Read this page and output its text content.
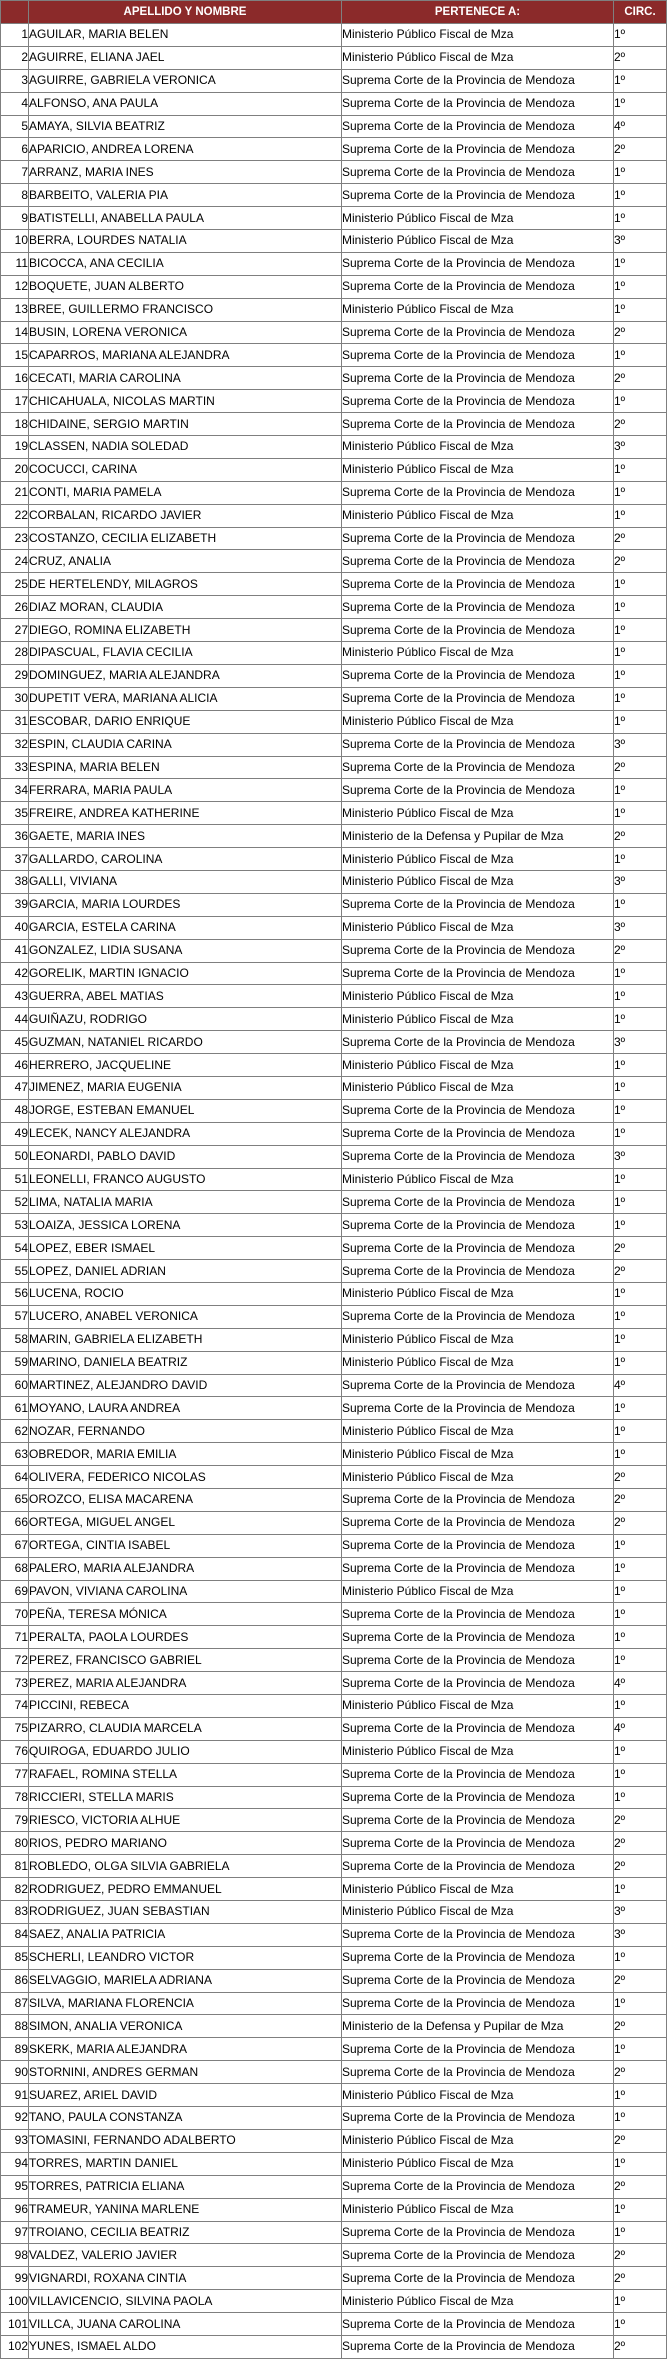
	APELLIDO Y NOMBRE	PERTENECE A:	CIRC.
1	AGUILAR, MARIA BELEN	Ministerio Público Fiscal de Mza	1º
2	AGUIRRE, ELIANA JAEL	Ministerio Público Fiscal de Mza	2º
3	AGUIRRE, GABRIELA VERONICA	Suprema Corte de la Provincia de Mendoza	1º
4	ALFONSO, ANA PAULA	Suprema Corte de la Provincia de Mendoza	1º
5	AMAYA, SILVIA BEATRIZ	Suprema Corte de la Provincia de Mendoza	4º
6	APARICIO, ANDREA LORENA	Suprema Corte de la Provincia de Mendoza	2º
7	ARRANZ, MARIA INES	Suprema Corte de la Provincia de Mendoza	1º
8	BARBEITO, VALERIA PIA	Suprema Corte de la Provincia de Mendoza	1º
9	BATISTELLI, ANABELLA PAULA	Ministerio Público Fiscal de Mza	1º
10	BERRA, LOURDES NATALIA	Ministerio Público Fiscal de Mza	3º
11	BICOCCA, ANA CECILIA	Suprema Corte de la Provincia de Mendoza	1º
12	BOQUETE, JUAN ALBERTO	Suprema Corte de la Provincia de Mendoza	1º
13	BREE, GUILLERMO FRANCISCO	Ministerio Público Fiscal de Mza	1º
14	BUSIN, LORENA VERONICA	Suprema Corte de la Provincia de Mendoza	2º
15	CAPARROS, MARIANA ALEJANDRA	Suprema Corte de la Provincia de Mendoza	1º
16	CECATI, MARIA CAROLINA	Suprema Corte de la Provincia de Mendoza	2º
17	CHICAHUALA, NICOLAS MARTIN	Suprema Corte de la Provincia de Mendoza	1º
18	CHIDAINE, SERGIO MARTIN	Suprema Corte de la Provincia de Mendoza	2º
19	CLASSEN, NADIA SOLEDAD	Ministerio Público Fiscal de Mza	3º
20	COCUCCI, CARINA	Ministerio Público Fiscal de Mza	1º
21	CONTI, MARIA PAMELA	Suprema Corte de la Provincia de Mendoza	1º
22	CORBALAN, RICARDO JAVIER	Ministerio Público Fiscal de Mza	1º
23	COSTANZO, CECILIA ELIZABETH	Suprema Corte de la Provincia de Mendoza	2º
24	CRUZ, ANALIA	Suprema Corte de la Provincia de Mendoza	2º
25	DE HERTELENDY, MILAGROS	Suprema Corte de la Provincia de Mendoza	1º
26	DIAZ MORAN, CLAUDIA	Suprema Corte de la Provincia de Mendoza	1º
27	DIEGO, ROMINA ELIZABETH	Suprema Corte de la Provincia de Mendoza	1º
28	DIPASCUAL, FLAVIA CECILIA	Ministerio Público Fiscal de Mza	1º
29	DOMINGUEZ, MARIA ALEJANDRA	Suprema Corte de la Provincia de Mendoza	1º
30	DUPETIT VERA, MARIANA ALICIA	Suprema Corte de la Provincia de Mendoza	1º
31	ESCOBAR, DARIO ENRIQUE	Ministerio Público Fiscal de Mza	1º
32	ESPIN, CLAUDIA CARINA	Suprema Corte de la Provincia de Mendoza	3º
33	ESPINA, MARIA BELEN	Suprema Corte de la Provincia de Mendoza	2º
34	FERRARA, MARIA PAULA	Suprema Corte de la Provincia de Mendoza	1º
35	FREIRE, ANDREA KATHERINE	Ministerio Público Fiscal de Mza	1º
36	GAETE, MARIA INES	Ministerio de la Defensa y Pupilar de Mza	2º
37	GALLARDO, CAROLINA	Ministerio Público Fiscal de Mza	1º
38	GALLI, VIVIANA	Ministerio Público Fiscal de Mza	3º
39	GARCIA, MARIA LOURDES	Suprema Corte de la Provincia de Mendoza	1º
40	GARCIA, ESTELA CARINA	Ministerio Público Fiscal de Mza	3º
41	GONZALEZ, LIDIA SUSANA	Suprema Corte de la Provincia de Mendoza	2º
42	GORELIK, MARTIN IGNACIO	Suprema Corte de la Provincia de Mendoza	1º
43	GUERRA, ABEL MATIAS	Ministerio Público Fiscal de Mza	1º
44	GUIÑAZU, RODRIGO	Ministerio Público Fiscal de Mza	1º
45	GUZMAN, NATANIEL RICARDO	Suprema Corte de la Provincia de Mendoza	3º
46	HERRERO, JACQUELINE	Ministerio Público Fiscal de Mza	1º
47	JIMENEZ, MARIA EUGENIA	Ministerio Público Fiscal de Mza	1º
48	JORGE, ESTEBAN EMANUEL	Suprema Corte de la Provincia de Mendoza	1º
49	LECEK, NANCY ALEJANDRA	Suprema Corte de la Provincia de Mendoza	1º
50	LEONARDI, PABLO DAVID	Suprema Corte de la Provincia de Mendoza	3º
51	LEONELLI, FRANCO AUGUSTO	Ministerio Público Fiscal de Mza	1º
52	LIMA, NATALIA MARIA	Suprema Corte de la Provincia de Mendoza	1º
53	LOAIZA, JESSICA LORENA	Suprema Corte de la Provincia de Mendoza	1º
54	LOPEZ, EBER ISMAEL	Suprema Corte de la Provincia de Mendoza	2º
55	LOPEZ, DANIEL ADRIAN	Suprema Corte de la Provincia de Mendoza	2º
56	LUCENA, ROCIO	Ministerio Público Fiscal de Mza	1º
57	LUCERO, ANABEL VERONICA	Suprema Corte de la Provincia de Mendoza	1º
58	MARIN, GABRIELA ELIZABETH	Ministerio Público Fiscal de Mza	1º
59	MARINO, DANIELA BEATRIZ	Ministerio Público Fiscal de Mza	1º
60	MARTINEZ, ALEJANDRO DAVID	Suprema Corte de la Provincia de Mendoza	4º
61	MOYANO, LAURA ANDREA	Suprema Corte de la Provincia de Mendoza	1º
62	NOZAR, FERNANDO	Ministerio Público Fiscal de Mza	1º
63	OBREDOR, MARIA EMILIA	Ministerio Público Fiscal de Mza	1º
64	OLIVERA, FEDERICO NICOLAS	Ministerio Público Fiscal de Mza	2º
65	OROZCO, ELISA MACARENA	Suprema Corte de la Provincia de Mendoza	2º
66	ORTEGA, MIGUEL ANGEL	Suprema Corte de la Provincia de Mendoza	2º
67	ORTEGA, CINTIA ISABEL	Suprema Corte de la Provincia de Mendoza	1º
68	PALERO, MARIA ALEJANDRA	Suprema Corte de la Provincia de Mendoza	1º
69	PAVON, VIVIANA CAROLINA	Ministerio Público Fiscal de Mza	1º
70	PEÑA, TERESA MÓNICA	Suprema Corte de la Provincia de Mendoza	1º
71	PERALTA, PAOLA LOURDES	Suprema Corte de la Provincia de Mendoza	1º
72	PEREZ, FRANCISCO GABRIEL	Suprema Corte de la Provincia de Mendoza	1º
73	PEREZ, MARIA ALEJANDRA	Suprema Corte de la Provincia de Mendoza	4º
74	PICCINI, REBECA	Ministerio Público Fiscal de Mza	1º
75	PIZARRO, CLAUDIA MARCELA	Suprema Corte de la Provincia de Mendoza	4º
76	QUIROGA, EDUARDO JULIO	Ministerio Público Fiscal de Mza	1º
77	RAFAEL, ROMINA STELLA	Suprema Corte de la Provincia de Mendoza	1º
78	RICCIERI, STELLA MARIS	Suprema Corte de la Provincia de Mendoza	1º
79	RIESCO, VICTORIA ALHUE	Suprema Corte de la Provincia de Mendoza	2º
80	RIOS, PEDRO MARIANO	Suprema Corte de la Provincia de Mendoza	2º
81	ROBLEDO, OLGA SILVIA GABRIELA	Suprema Corte de la Provincia de Mendoza	2º
82	RODRIGUEZ, PEDRO EMMANUEL	Ministerio Público Fiscal de Mza	1º
83	RODRIGUEZ, JUAN SEBASTIAN	Ministerio Público Fiscal de Mza	3º
84	SAEZ, ANALIA PATRICIA	Suprema Corte de la Provincia de Mendoza	3º
85	SCHERLI, LEANDRO VICTOR	Suprema Corte de la Provincia de Mendoza	1º
86	SELVAGGIO, MARIELA ADRIANA	Suprema Corte de la Provincia de Mendoza	2º
87	SILVA, MARIANA FLORENCIA	Suprema Corte de la Provincia de Mendoza	1º
88	SIMON, ANALIA VERONICA	Ministerio de la Defensa y Pupilar de Mza	2º
89	SKERK, MARIA ALEJANDRA	Suprema Corte de la Provincia de Mendoza	1º
90	STORNINI, ANDRES GERMAN	Suprema Corte de la Provincia de Mendoza	2º
91	SUAREZ, ARIEL DAVID	Ministerio Público Fiscal de Mza	1º
92	TANO, PAULA CONSTANZA	Suprema Corte de la Provincia de Mendoza	1º
93	TOMASINI, FERNANDO ADALBERTO	Ministerio Público Fiscal de Mza	2º
94	TORRES, MARTIN DANIEL	Ministerio Público Fiscal de Mza	1º
95	TORRES, PATRICIA ELIANA	Suprema Corte de la Provincia de Mendoza	2º
96	TRAMEUR, YANINA MARLENE	Ministerio Público Fiscal de Mza	1º
97	TROIANO, CECILIA BEATRIZ	Suprema Corte de la Provincia de Mendoza	1º
98	VALDEZ, VALERIO JAVIER	Suprema Corte de la Provincia de Mendoza	2º
99	VIGNARDI, ROXANA CINTIA	Suprema Corte de la Provincia de Mendoza	2º
100	VILLAVICENCIO, SILVINA PAOLA	Ministerio Público Fiscal de Mza	1º
101	VILLCA, JUANA CAROLINA	Suprema Corte de la Provincia de Mendoza	1º
102	YUNES, ISMAEL ALDO	Suprema Corte de la Provincia de Mendoza	2º
